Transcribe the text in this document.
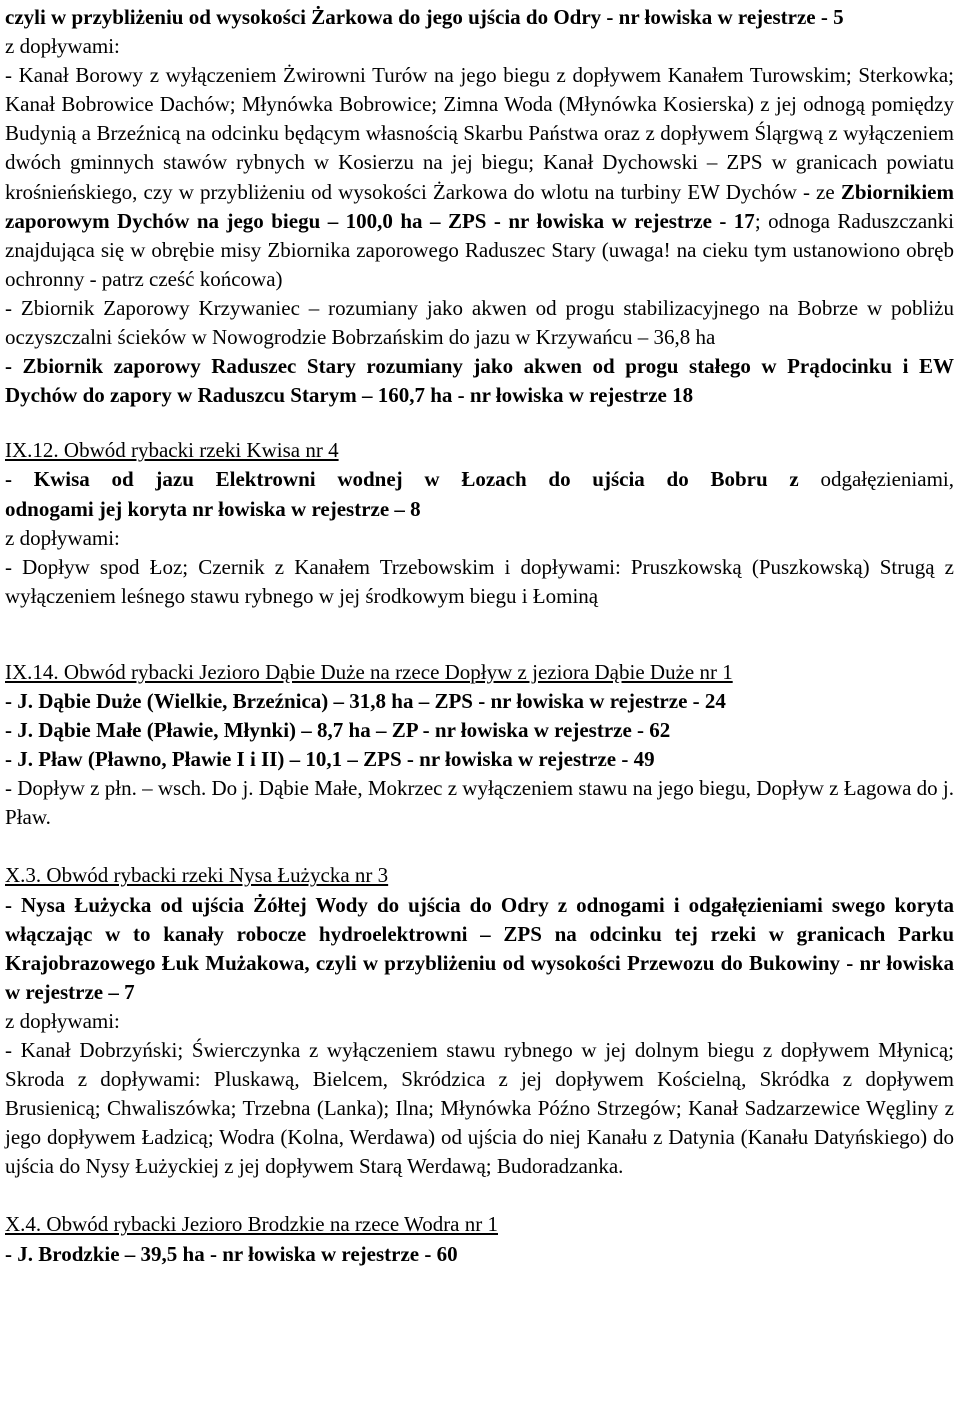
czyli w przybliżeniu od wysokości Żarkowa do jego ujścia do Odry - nr łowiska w rejestrze - 5

z dopływami:

- Kanał Borowy z wyłączeniem Żwirowni Turów na jego biegu z dopływem Kanałem Turowskim; Sterkowka; Kanał Bobrowice Dachów; Młynówka Bobrowice; Zimna Woda (Młynówka Kosierska) z jej odnogą pomiędzy Budynią a Brzeźnicą na odcinku będącym własnością Skarbu Państwa oraz z dopływem Śląrgwą z wyłączeniem dwóch gminnych stawów rybnych w Kosierzu na jej biegu; Kanał Dychowski – ZPS w granicach powiatu krośnieńskiego, czy w przybliżeniu od wysokości Żarkowa do wlotu na turbiny EW Dychów - ze Zbiornikiem zaporowym Dychów na jego biegu – 100,0 ha – ZPS - nr łowiska w rejestrze - 17; odnoga Raduszczanki znajdująca się w obrębie misy Zbiornika zaporowego Raduszec Stary (uwaga! na cieku tym ustanowiono obręb ochronny - patrz cześć końcowa)

- Zbiornik Zaporowy Krzywaniec – rozumiany jako akwen od progu stabilizacyjnego na Bobrze w pobliżu oczyszczalni ścieków w Nowogrodzie Bobrzańskim do jazu w Krzywańcu – 36,8 ha

- Zbiornik zaporowy Raduszec Stary rozumiany jako akwen od progu stałego w Prądocinku i EW Dychów do zapory w Raduszcu Starym – 160,7 ha - nr łowiska w rejestrze 18

IX.12. Obwód rybacki rzeki Kwisa nr 4

- Kwisa od jazu Elektrowni wodnej w Łozach do ujścia do Bobru z odgałęzieniami,

odnogami jej koryta nr łowiska w rejestrze – 8

z dopływami:

- Dopływ spod Łoz; Czernik z Kanałem Trzebowskim i dopływami: Pruszkowską (Puszkowską) Strugą z wyłączeniem leśnego stawu rybnego w jej środkowym biegu i Łominą

IX.14. Obwód rybacki Jezioro Dąbie Duże na rzece Dopływ z jeziora Dąbie Duże nr 1

- J. Dąbie Duże (Wielkie, Brzeźnica) – 31,8 ha – ZPS - nr łowiska w rejestrze - 24

- J. Dąbie Małe (Pławie, Młynki) – 8,7 ha – ZP - nr łowiska w rejestrze - 62

- J. Pław (Pławno, Pławie I i II) – 10,1 – ZPS - nr łowiska w rejestrze - 49

- Dopływ z płn. – wsch. Do j. Dąbie Małe, Mokrzec z wyłączeniem stawu na jego biegu, Dopływ z Łagowa do j. Pław.

X.3. Obwód rybacki rzeki Nysa Łużycka nr 3

- Nysa Łużycka od ujścia Żółtej Wody do ujścia do Odry z odnogami i odgałęzieniami swego koryta włączając w to kanały robocze hydroelektrowni – ZPS na odcinku tej rzeki w granicach Parku Krajobrazowego Łuk Mużakowa, czyli w przybliżeniu od wysokości Przewozu do Bukowiny - nr łowiska w rejestrze – 7

z dopływami:

- Kanał Dobrzyński; Świerczynka z wyłączeniem stawu rybnego w jej dolnym biegu z dopływem Młynicą; Skroda z dopływami: Pluskawą, Bielcem, Skródzica z jej dopływem Kościelną, Skródka z dopływem Brusienicą; Chwaliszówka; Trzebna (Lanka); Ilna; Młynówka Późno Strzegów; Kanał Sadzarzewice Węgliny z jego dopływem Ładzicą; Wodra (Kolna, Werdawa) od ujścia do niej Kanału z Datynia (Kanału Datyńskiego) do ujścia do Nysy Łużyckiej z jej dopływem Starą Werdawą; Budoradzanka.

X.4. Obwód rybacki Jezioro Brodzkie na rzece Wodra nr 1

- J. Brodzkie – 39,5 ha - nr łowiska w rejestrze - 60
